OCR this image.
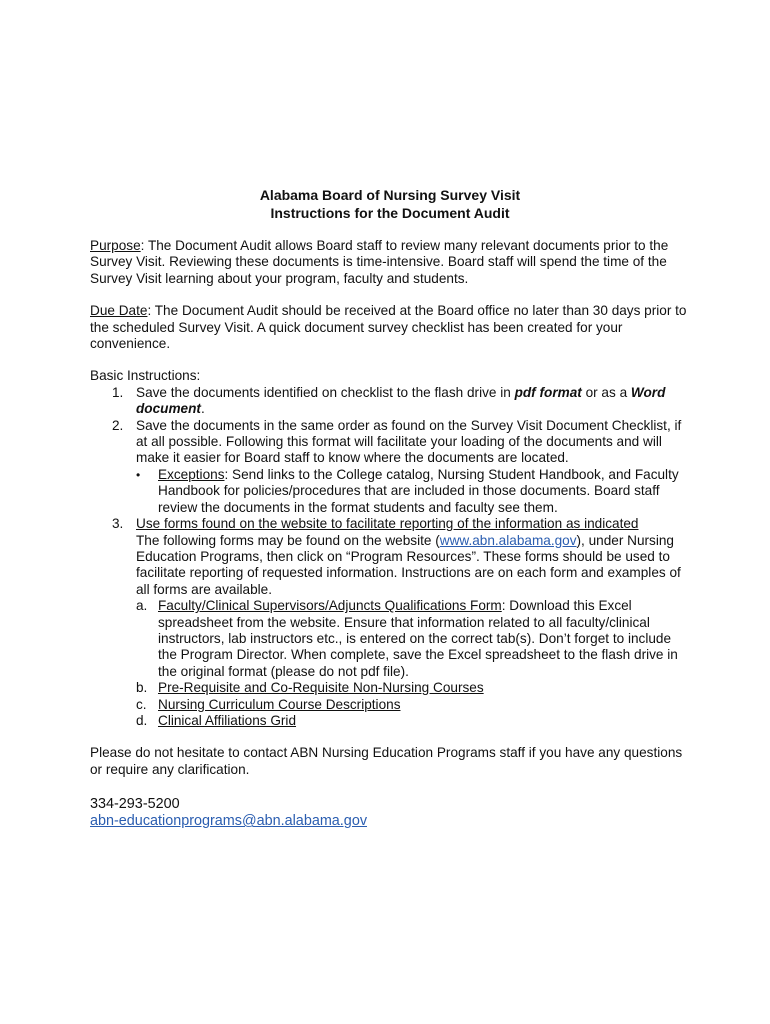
Alabama Board of Nursing Survey Visit
Instructions for the Document Audit

Purpose: The Document Audit allows Board staff to review many relevant documents prior to the Survey Visit. Reviewing these documents is time-intensive. Board staff will spend the time of the Survey Visit learning about your program, faculty and students.

Due Date: The Document Audit should be received at the Board office no later than 30 days prior to the scheduled Survey Visit. A quick document survey checklist has been created for your convenience.

Basic Instructions:
1. Save the documents identified on checklist to the flash drive in pdf format or as a Word document.
2. Save the documents in the same order as found on the Survey Visit Document Checklist, if at all possible. Following this format will facilitate your loading of the documents and will make it easier for Board staff to know where the documents are located.
• Exceptions: Send links to the College catalog, Nursing Student Handbook, and Faculty Handbook for policies/procedures that are included in those documents. Board staff review the documents in the format students and faculty see them.
3. Use forms found on the website to facilitate reporting of the information as indicated
The following forms may be found on the website (www.abn.alabama.gov), under Nursing Education Programs, then click on “Program Resources”. These forms should be used to facilitate reporting of requested information. Instructions are on each form and examples of all forms are available.
a. Faculty/Clinical Supervisors/Adjuncts Qualifications Form: Download this Excel spreadsheet from the website. Ensure that information related to all faculty/clinical instructors, lab instructors etc., is entered on the correct tab(s). Don’t forget to include the Program Director. When complete, save the Excel spreadsheet to the flash drive in the original format (please do not pdf file).
b. Pre-Requisite and Co-Requisite Non-Nursing Courses
c. Nursing Curriculum Course Descriptions
d. Clinical Affiliations Grid

Please do not hesitate to contact ABN Nursing Education Programs staff if you have any questions or require any clarification.

334-293-5200
abn-educationprograms@abn.alabama.gov
